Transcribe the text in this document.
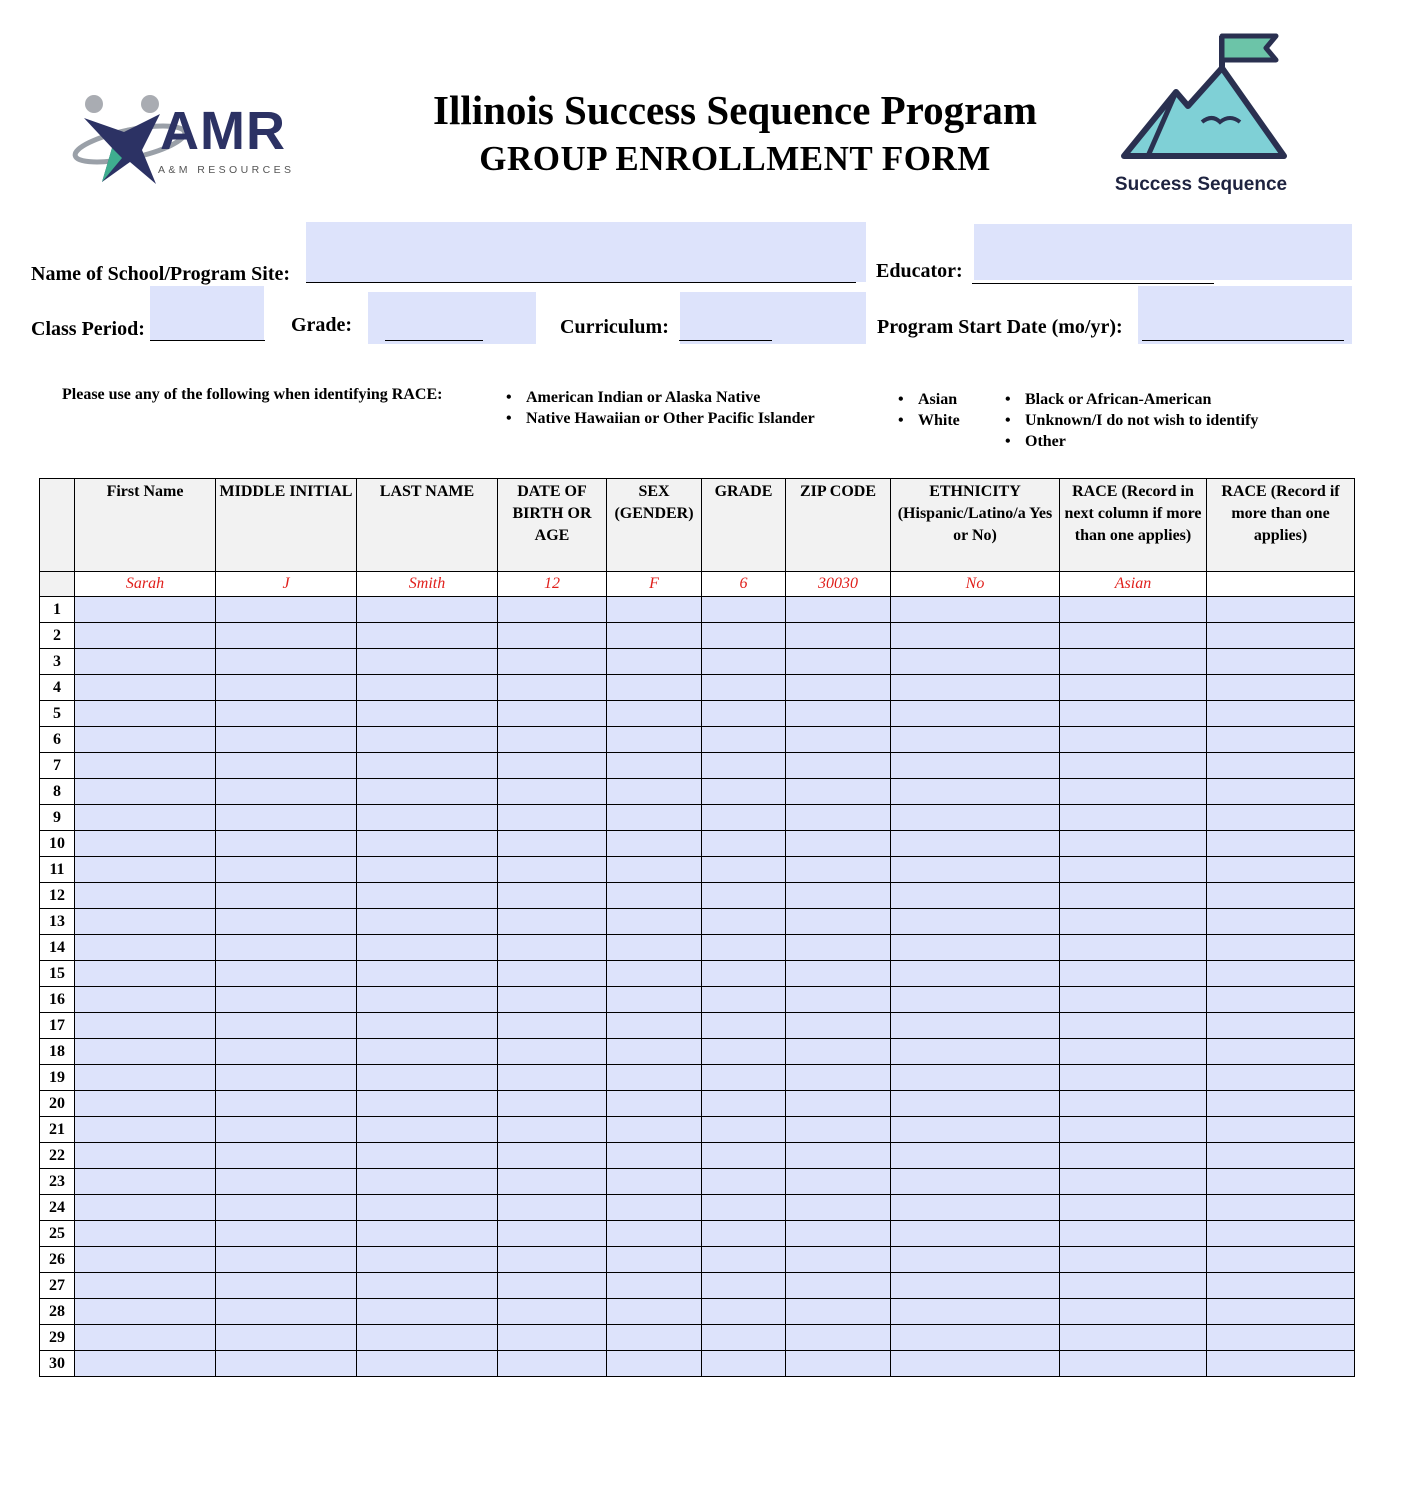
AMR
A&M RESOURCES
Illinois Success Sequence Program
GROUP ENROLLMENT FORM
Success Sequence
Name of School/Program Site:	Educator:
Class Period:	Grade:	Curriculum:	Program Start Date (mo/yr):
Please use any of the following when identifying RACE:	• American Indian or Alaska Native
• Native Hawaiian or Other Pacific Islander
• Asian
• White
• Black or African-American
• Unknown/I do not wish to identify
• Other
	First Name	MIDDLE INITIAL	LAST NAME	DATE OF BIRTH OR AGE	SEX (GENDER)	GRADE	ZIP CODE	ETHNICITY (Hispanic/Latino/a Yes or No)	RACE (Record in next column if more than one applies)	RACE (Record if more than one applies)
	Sarah	J	Smith	12	F	6	30030	No	Asian	
1										
2										
3										
4										
5										
6										
7										
8										
9										
10										
11										
12										
13										
14										
15										
16										
17										
18										
19										
20										
21										
22										
23										
24										
25										
26										
27										
28										
29										
30										
